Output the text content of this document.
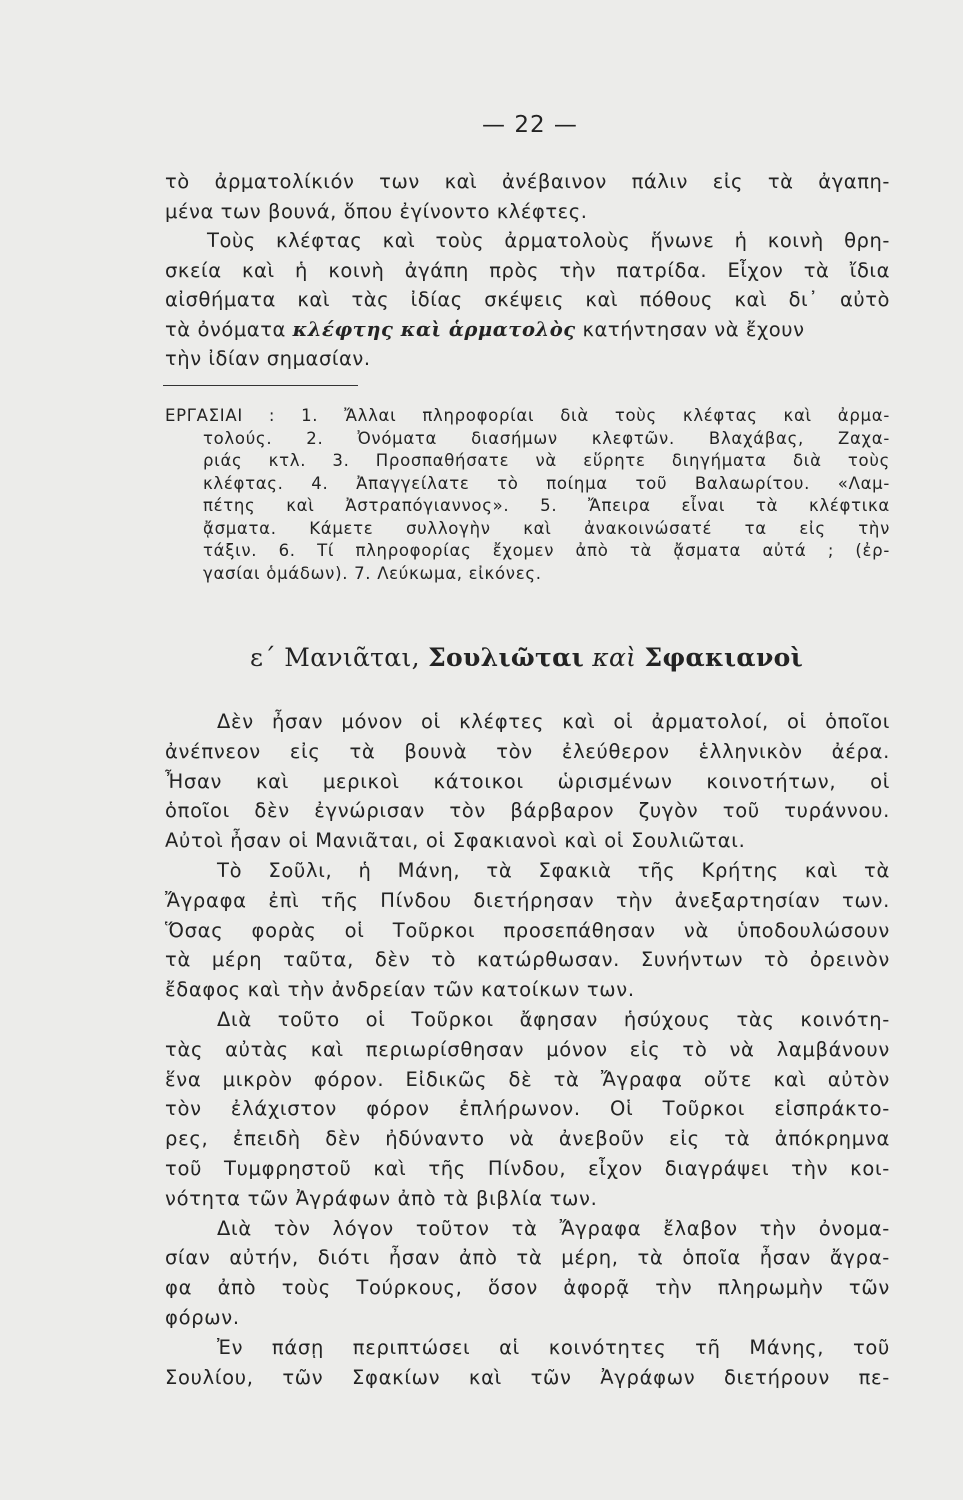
— 22 —
τὸ ἀρματολίκιόν των καὶ ἀνέβαινον πάλιν εἰς τὰ ἀγαπη-
μένα των βουνά, ὅπου ἐγίνοντο κλέφτες.
Τοὺς κλέφτας καὶ τοὺς ἀρματολοὺς ἥνωνε ἡ κοινὴ θρη-
σκεία καὶ ἡ κοινὴ ἀγάπη πρὸς τὴν πατρίδα. Εἶχον τὰ ἴδια
αἰσθήματα καὶ τὰς ἰδίας σκέψεις καὶ πόθους καὶ δι᾽ αὐτὸ
τὰ ὀνόματα κλέφτης καὶ ἁρματολὸς κατήντησαν νὰ ἔχουν
τὴν ἰδίαν σημασίαν.
ΕΡΓΑΣΙΑΙ : 1. Ἄλλαι πληροφορίαι διὰ τοὺς κλέφτας καὶ ἀρμα-
τολούς. 2. Ὀνόματα διασήμων κλεφτῶν. Βλαχάβας, Ζαχα-
ριάς κτλ. 3. Προσπαθήσατε νὰ εὕρητε διηγήματα διὰ τοὺς
κλέφτας. 4. Ἀπαγγείλατε τὸ ποίημα τοῦ Βαλαωρίτου. «Λαμ-
πέτης καὶ Ἀστραπόγιαννος». 5. Ἄπειρα εἶναι τὰ κλέφτικα
ᾄσματα. Κάμετε συλλογὴν καὶ ἀνακοινώσατέ τα εἰς τὴν
τάξιν. 6. Τί πληροφορίας ἔχομεν ἀπὸ τὰ ᾄσματα αὐτά ; (ἐρ-
γασίαι ὁμάδων). 7. Λεύκωμα, εἰκόνες.
ε΄ Μανιᾶται, Σουλιῶται καὶ Σφακιανοὶ
Δὲν ἦσαν μόνον οἱ κλέφτες καὶ οἱ ἀρματολοί, οἱ ὁποῖοι
ἀνέπνεον εἰς τὰ βουνὰ τὸν ἐλεύθερον ἑλληνικὸν ἀέρα.
Ἦσαν καὶ μερικοὶ κάτοικοι ὡρισμένων κοινοτήτων, οἱ
ὁποῖοι δὲν ἐγνώρισαν τὸν βάρβαρον ζυγὸν τοῦ τυράννου.
Αὐτοὶ ἦσαν οἱ Μανιᾶται, οἱ Σφακιανοὶ καὶ οἱ Σουλιῶται.
Τὸ Σοῦλι, ἡ Μάνη, τὰ Σφακιὰ τῆς Κρήτης καὶ τὰ
Ἄγραφα ἐπὶ τῆς Πίνδου διετήρησαν τὴν ἀνεξαρτησίαν των.
Ὅσας φορὰς οἱ Τοῦρκοι προσεπάθησαν νὰ ὑποδουλώσουν
τὰ μέρη ταῦτα, δὲν τὸ κατώρθωσαν. Συνήντων τὸ ὀρεινὸν
ἔδαφος καὶ τὴν ἀνδρείαν τῶν κατοίκων των.
Διὰ τοῦτο οἱ Τοῦρκοι ἄφησαν ἡσύχους τὰς κοινότη-
τὰς αὐτὰς καὶ περιωρίσθησαν μόνον εἰς τὸ νὰ λαμβάνουν
ἕνα μικρὸν φόρον. Εἰδικῶς δὲ τὰ Ἄγραφα οὔτε καὶ αὐτὸν
τὸν ἐλάχιστον φόρον ἐπλήρωνον. Οἱ Τοῦρκοι εἰσπράκτο-
ρες, ἐπειδὴ δὲν ἠδύναντο νὰ ἀνεβοῦν εἰς τὰ ἀπόκρημνα
τοῦ Τυμφρηστοῦ καὶ τῆς Πίνδου, εἶχον διαγράψει τὴν κοι-
νότητα τῶν Ἀγράφων ἀπὸ τὰ βιβλία των.
Διὰ τὸν λόγον τοῦτον τὰ Ἄγραφα ἔλαβον τὴν ὀνομα-
σίαν αὐτήν, διότι ἦσαν ἀπὸ τὰ μέρη, τὰ ὁποῖα ἦσαν ἄγρα-
φα ἀπὸ τοὺς Τούρκους, ὅσον ἀφορᾷ τὴν πληρωμὴν τῶν
φόρων.
Ἐν πάσῃ περιπτώσει αἱ κοινότητες τῆ Μάνης, τοῦ
Σουλίου, τῶν Σφακίων καὶ τῶν Ἀγράφων διετήρουν πε-
